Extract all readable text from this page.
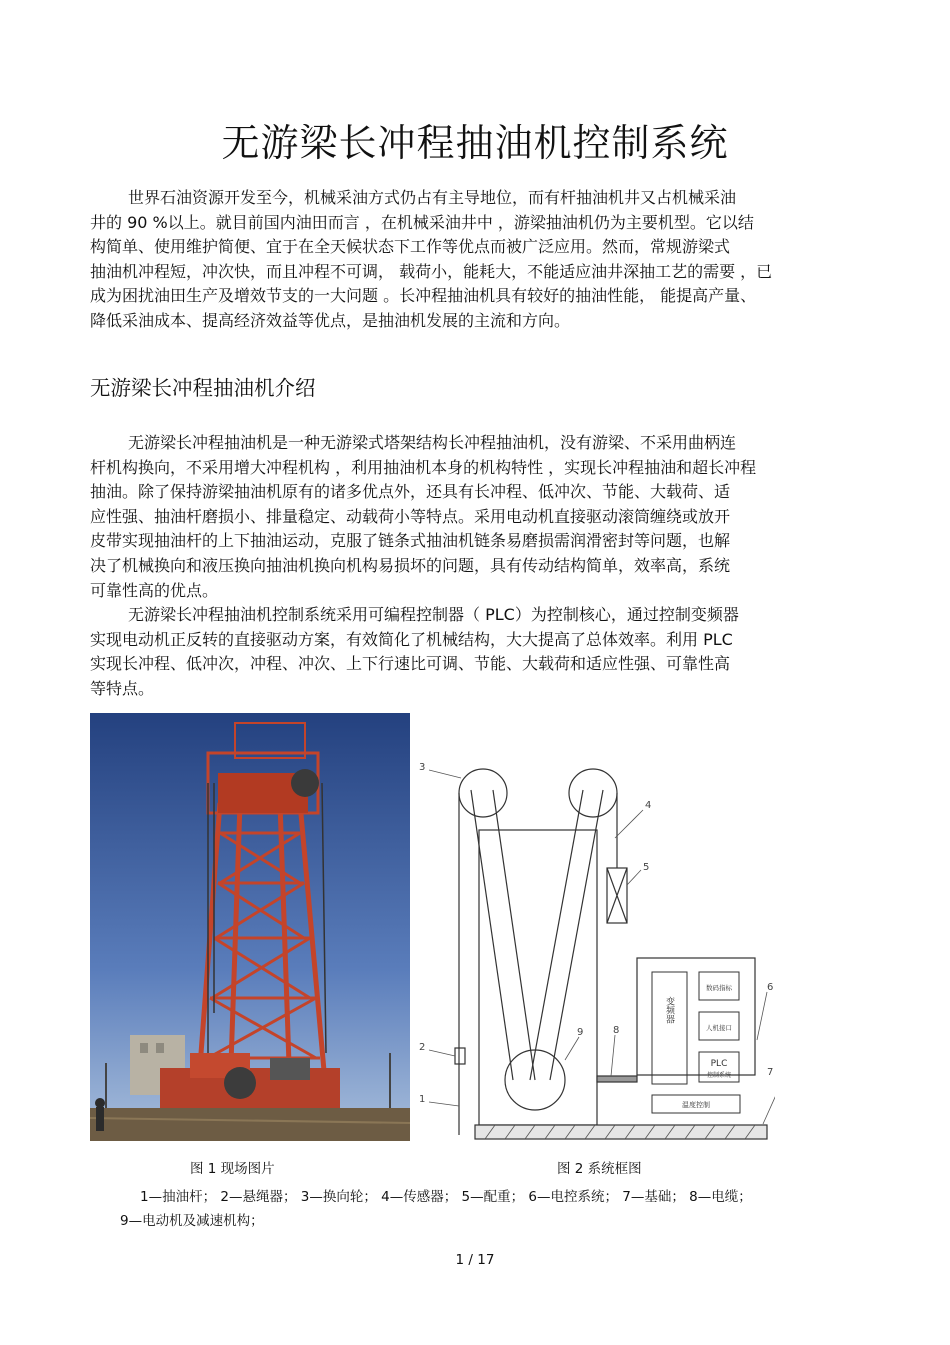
无游梁长冲程抽油机控制系统

世界石油资源开发至今，机械采油方式仍占有主导地位，而有杆抽油机井又占机械采油
井的 90 %以上。就目前国内油田而言 ，在机械采油井中 ，游梁抽油机仍为主要机型。它以结
构简单、使用维护简便、宜于在全天候状态下工作等优点而被广泛应用。然而，常规游梁式
抽油机冲程短，冲次快，而且冲程不可调， 载荷小，能耗大，不能适应油井深抽工艺的需要 ，已
成为困扰油田生产及增效节支的一大问题 。长冲程抽油机具有较好的抽油性能， 能提高产量、
降低采油成本、提高经济效益等优点，是抽油机发展的主流和方向。

无游梁长冲程抽油机介绍

无游梁长冲程抽油机是一种无游梁式塔架结构长冲程抽油机，没有游梁、不采用曲柄连
杆机构换向，不采用增大冲程机构 ，利用抽油机本身的机构特性 ，实现长冲程抽油和超长冲程
抽油。除了保持游梁抽油机原有的诸多优点外，还具有长冲程、低冲次、节能、大载荷、适
应性强、抽油杆磨损小、排量稳定、动载荷小等特点。采用电动机直接驱动滚筒缠绕或放开
皮带实现抽油杆的上下抽油运动，克服了链条式抽油机链条易磨损需润滑密封等问题，也解
决了机械换向和液压换向抽油机换向机构易损坏的问题，具有传动结构简单，效率高，系统
可靠性高的优点。
无游梁长冲程抽油机控制系统采用可编程控制器（ PLC）为控制核心，通过控制变频器
实现电动机正反转的直接驱动方案，有效简化了机械结构，大大提高了总体效率。利用 PLC
实现长冲程、低冲次，冲程、冲次、上下行速比可调、节能、大载荷和适应性强、可靠性高
等特点。

变频器
数码指标
人机接口
PLC
控制系统
温度控制
3
4
5
6
7
8
9
2
1
图 1 现场图片	图 2 系统框图
1—抽油杆； 2—悬绳器； 3—换向轮； 4—传感器； 5—配重； 6—电控系统； 7—基础； 8—电缆；
9—电动机及减速机构；
1 / 17
